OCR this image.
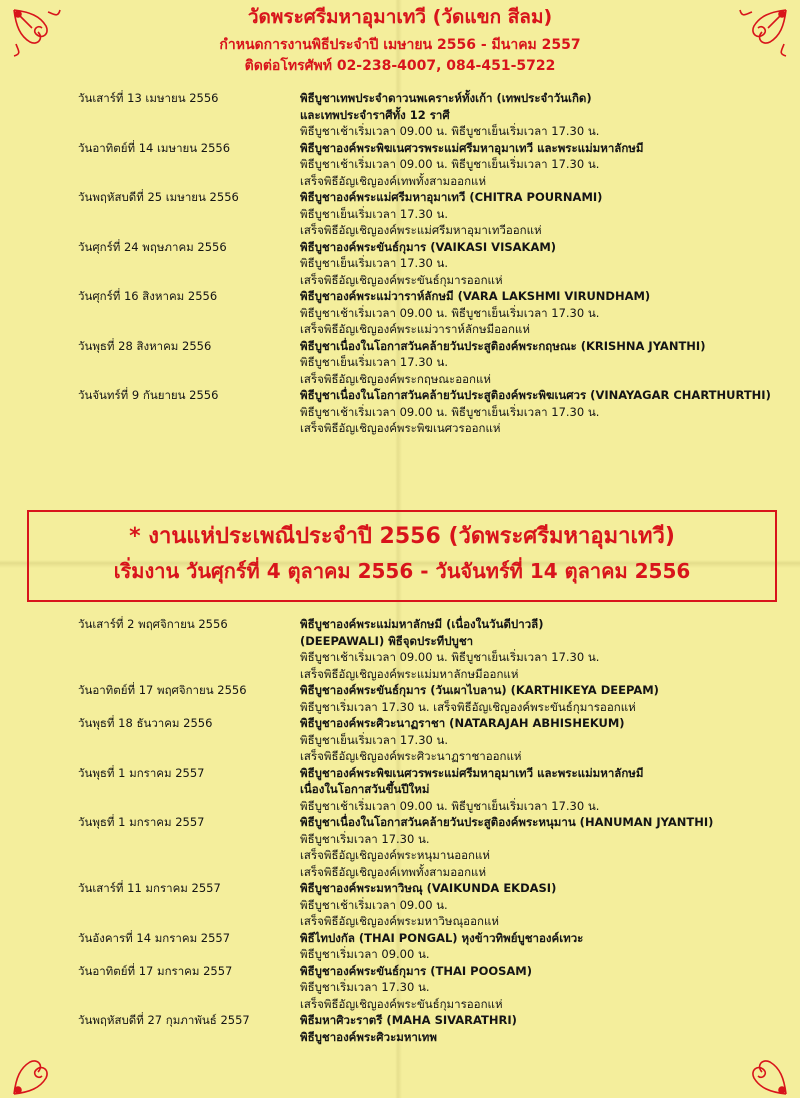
วัดพระศรีมหาอุมาเทวี (วัดแขก สีลม)
กำหนดการงานพิธีประจำปี เมษายน 2556 - มีนาคม 2557
ติดต่อโทรศัพท์ 02-238-4007, 084-451-5722
วันเสาร์ที่ 13 เมษายน 2556	พิธีบูชาเทพประจำดาวนพเคราะห์ทั้งเก้า (เทพประจำวันเกิด)
และเทพประจำราศีทั้ง 12 ราศี
พิธีบูชาเช้าเริ่มเวลา 09.00 น. พิธีบูชาเย็นเริ่มเวลา 17.30 น.
วันอาทิตย์ที่ 14 เมษายน 2556	พิธีบูชาองค์พระพิฆเนศวรพระแม่ศรีมหาอุมาเทวี และพระแม่มหาลักษมี
พิธีบูชาเช้าเริ่มเวลา 09.00 น. พิธีบูชาเย็นเริ่มเวลา 17.30 น.
เสร็จพิธีอัญเชิญองค์เทพทั้งสามออกแห่
วันพฤหัสบดีที่ 25 เมษายน 2556	พิธีบูชาองค์พระแม่ศรีมหาอุมาเทวี (CHITRA POURNAMI)
พิธีบูชาเย็นเริ่มเวลา 17.30 น.
เสร็จพิธีอัญเชิญองค์พระแม่ศรีมหาอุมาเทวีออกแห่
วันศุกร์ที่ 24 พฤษภาคม 2556	พิธีบูชาองค์พระขันธ์กุมาร (VAIKASI VISAKAM)
พิธีบูชาเย็นเริ่มเวลา 17.30 น.
เสร็จพิธีอัญเชิญองค์พระขันธ์กุมารออกแห่
วันศุกร์ที่ 16 สิงหาคม 2556	พิธีบูชาองค์พระแม่วาราห์ลักษมี (VARA LAKSHMI VIRUNDHAM)
พิธีบูชาเช้าเริ่มเวลา 09.00 น. พิธีบูชาเย็นเริ่มเวลา 17.30 น.
เสร็จพิธีอัญเชิญองค์พระแม่วาราห์ลักษมีออกแห่
วันพุธที่ 28 สิงหาคม 2556	พิธีบูชาเนื่องในโอกาสวันคล้ายวันประสูติองค์พระกฤษณะ (KRISHNA JYANTHI)
พิธีบูชาเย็นเริ่มเวลา 17.30 น.
เสร็จพิธีอัญเชิญองค์พระกฤษณะออกแห่
วันจันทร์ที่ 9 กันยายน 2556	พิธีบูชาเนื่องในโอกาสวันคล้ายวันประสูติองค์พระพิฆเนศวร (VINAYAGAR CHARTHURTHI)
พิธีบูชาเช้าเริ่มเวลา 09.00 น. พิธีบูชาเย็นเริ่มเวลา 17.30 น.
เสร็จพิธีอัญเชิญองค์พระพิฆเนศวรออกแห่
* งานแห่ประเพณีประจำปี 2556 (วัดพระศรีมหาอุมาเทวี)
เริ่มงาน วันศุกร์ที่ 4 ตุลาคม 2556 - วันจันทร์ที่ 14 ตุลาคม 2556
วันเสาร์ที่ 2 พฤศจิกายน 2556	พิธีบูชาองค์พระแม่มหาลักษมี (เนื่องในวันดีปาวลี)
(DEEPAWALI) พิธีจุดประทีปบูชา
พิธีบูชาเช้าเริ่มเวลา 09.00 น. พิธีบูชาเย็นเริ่มเวลา 17.30 น.
เสร็จพิธีอัญเชิญองค์พระแม่มหาลักษมีออกแห่
วันอาทิตย์ที่ 17 พฤศจิกายน 2556	พิธีบูชาองค์พระขันธ์กุมาร (วันเผาไบลาน) (KARTHIKEYA DEEPAM)
พิธีบูชาเริ่มเวลา 17.30 น. เสร็จพิธีอัญเชิญองค์พระขันธ์กุมารออกแห่
วันพุธที่ 18 ธันวาคม 2556	พิธีบูชาองค์พระศิวะนาฏราชา (NATARAJAH ABHISHEKUM)
พิธีบูชาเย็นเริ่มเวลา 17.30 น.
เสร็จพิธีอัญเชิญองค์พระศิวะนาฏราชาออกแห่
วันพุธที่ 1 มกราคม 2557	พิธีบูชาองค์พระพิฆเนศวรพระแม่ศรีมหาอุมาเทวี และพระแม่มหาลักษมี
เนื่องในโอกาสวันขึ้นปีใหม่
พิธีบูชาเช้าเริ่มเวลา 09.00 น. พิธีบูชาเย็นเริ่มเวลา 17.30 น.
วันพุธที่ 1 มกราคม 2557	พิธีบูชาเนื่องในโอกาสวันคล้ายวันประสูติองค์พระหนุมาน (HANUMAN JYANTHI)
พิธีบูชาเริ่มเวลา 17.30 น.
เสร็จพิธีอัญเชิญองค์พระหนุมานออกแห่
เสร็จพิธีอัญเชิญองค์เทพทั้งสามออกแห่
วันเสาร์ที่ 11 มกราคม 2557	พิธีบูชาองค์พระมหาวิษณุ (VAIKUNDA EKDASI)
พิธีบูชาเช้าเริ่มเวลา 09.00 น.
เสร็จพิธีอัญเชิญองค์พระมหาวิษณุออกแห่
วันอังคารที่ 14 มกราคม 2557	พิธีไทปงกัล (THAI PONGAL) หุงข้าวทิพย์บูชาองค์เทวะ
พิธีบูชาเริ่มเวลา 09.00 น.
วันอาทิตย์ที่ 17 มกราคม 2557	พิธีบูชาองค์พระขันธ์กุมาร (THAI POOSAM)
พิธีบูชาเริ่มเวลา 17.30 น.
เสร็จพิธีอัญเชิญองค์พระขันธ์กุมารออกแห่
วันพฤหัสบดีที่ 27 กุมภาพันธ์ 2557	พิธีมหาศิวะราตรี (MAHA SIVARATHRI)
พิธีบูชาองค์พระศิวะมหาเทพ
